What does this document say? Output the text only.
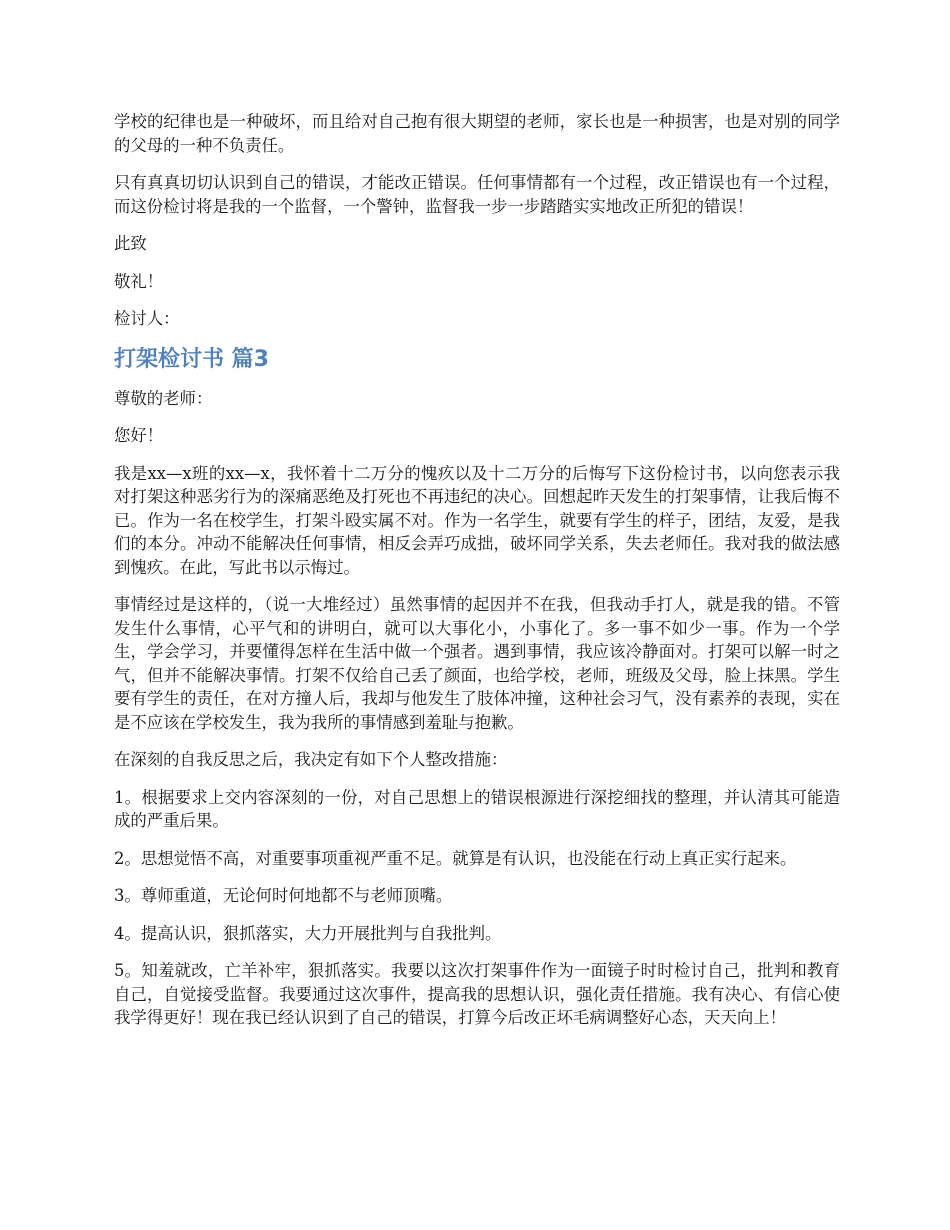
学校的纪律也是一种破坏，而且给对自己抱有很大期望的老师，家长也是一种损害，也是对别的同学的父母的一种不负责任。

只有真真切切认识到自己的错误，才能改正错误。任何事情都有一个过程，改正错误也有一个过程，而这份检讨将是我的一个监督，一个警钟，监督我一步一步踏踏实实地改正所犯的错误！

此致

敬礼！

检讨人：

打架检讨书 篇3

尊敬的老师：

您好！

我是xx—x班的xx—x，我怀着十二万分的愧疚以及十二万分的后悔写下这份检讨书，以向您表示我对打架这种恶劣行为的深痛恶绝及打死也不再违纪的决心。回想起昨天发生的打架事情，让我后悔不已。作为一名在校学生，打架斗殴实属不对。作为一名学生，就要有学生的样子，团结，友爱，是我们的本分。冲动不能解决任何事情，相反会弄巧成拙，破坏同学关系，失去老师任。我对我的做法感到愧疚。在此，写此书以示悔过。

事情经过是这样的，（说一大堆经过）虽然事情的起因并不在我，但我动手打人，就是我的错。不管发生什么事情，心平气和的讲明白，就可以大事化小，小事化了。多一事不如少一事。作为一个学生，学会学习，并要懂得怎样在生活中做一个强者。遇到事情，我应该冷静面对。打架可以解一时之气，但并不能解决事情。打架不仅给自己丢了颜面，也给学校，老师，班级及父母，脸上抹黑。学生要有学生的责任，在对方撞人后，我却与他发生了肢体冲撞，这种社会习气，没有素养的表现，实在是不应该在学校发生，我为我所的事情感到羞耻与抱歉。

在深刻的自我反思之后，我决定有如下个人整改措施：

1。根据要求上交内容深刻的一份，对自己思想上的错误根源进行深挖细找的整理，并认清其可能造成的严重后果。

2。思想觉悟不高，对重要事项重视严重不足。就算是有认识，也没能在行动上真正实行起来。

3。尊师重道，无论何时何地都不与老师顶嘴。

4。提高认识，狠抓落实，大力开展批判与自我批判。

5。知羞就改，亡羊补牢，狠抓落实。我要以这次打架事件作为一面镜子时时检讨自己，批判和教育自己，自觉接受监督。我要通过这次事件，提高我的思想认识，强化责任措施。我有决心、有信心使我学得更好！现在我已经认识到了自己的错误，打算今后改正坏毛病调整好心态，天天向上！
